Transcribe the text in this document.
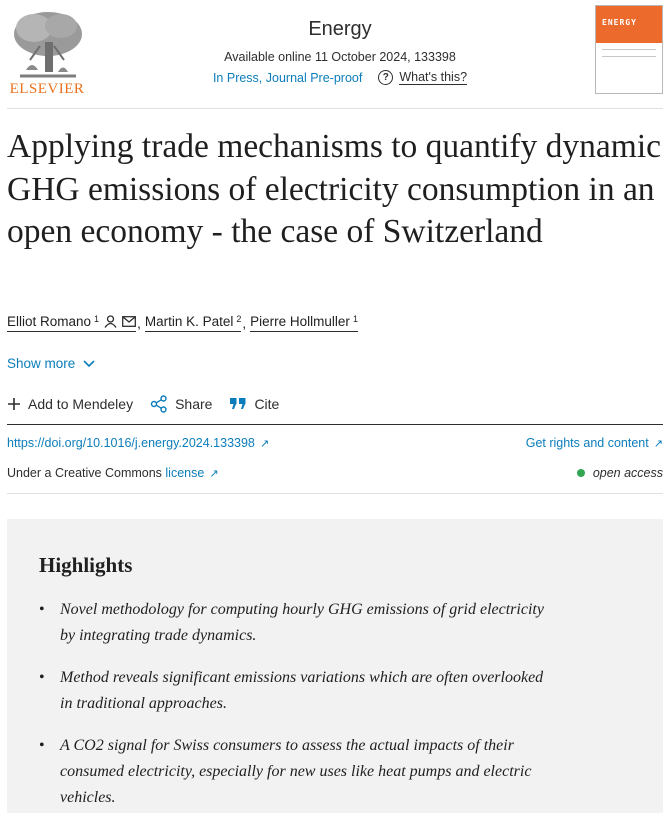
ELSEVIER
Energy
Available online 11 October 2024, 133398
In Press, Journal Pre-proof	? What's this?
ENERGY
Applying trade mechanisms to quantify dynamic GHG emissions of electricity consumption in an open economy - the case of Switzerland
Elliot Romano $^1$	, Martin K. Patel $^2$ , Pierre Hollmuller $^1$
Show more
Add to Mendeley	Share	Cite
https://doi.org/10.1016/j.energy.2024.133398 ↗	Get rights and content ↗
Under a Creative Commons license ↗	open access
Highlights
• Novel methodology for computing hourly GHG emissions of grid electricity by integrating trade dynamics.
• Method reveals significant emissions variations which are often overlooked in traditional approaches.
• A CO2 signal for Swiss consumers to assess the actual impacts of their consumed electricity, especially for new uses like heat pumps and electric vehicles.
